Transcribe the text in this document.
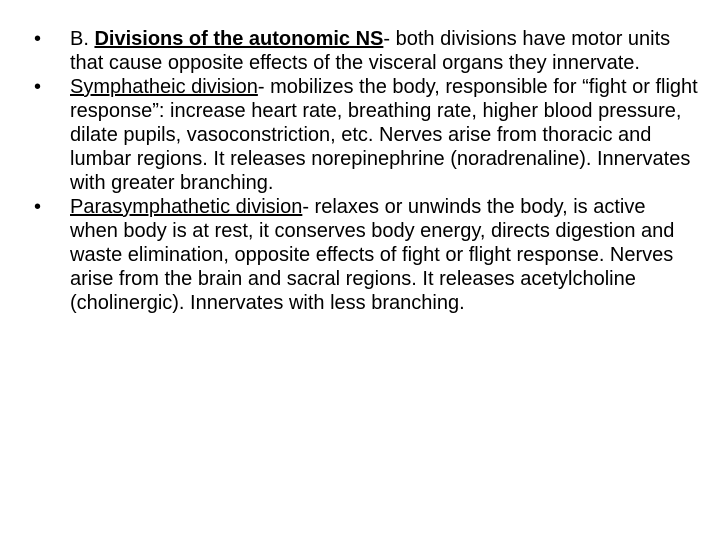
•	B. Divisions of the autonomic NS- both divisions have motor units that cause opposite effects of the visceral organs they innervate.
•	Symphatheic division- mobilizes the body, responsible for “fight or flight response”: increase heart rate, breathing rate, higher blood pressure, dilate pupils, vasoconstriction, etc. Nerves arise from thoracic and lumbar regions. It releases norepinephrine (noradrenaline). Innervates with greater branching.
•	Parasymphathetic division- relaxes or unwinds the body, is active when body is at rest, it conserves body energy, directs digestion and waste elimination, opposite effects of fight or flight response. Nerves arise from the brain and sacral regions. It releases acetylcholine (cholinergic). Innervates with less branching.
